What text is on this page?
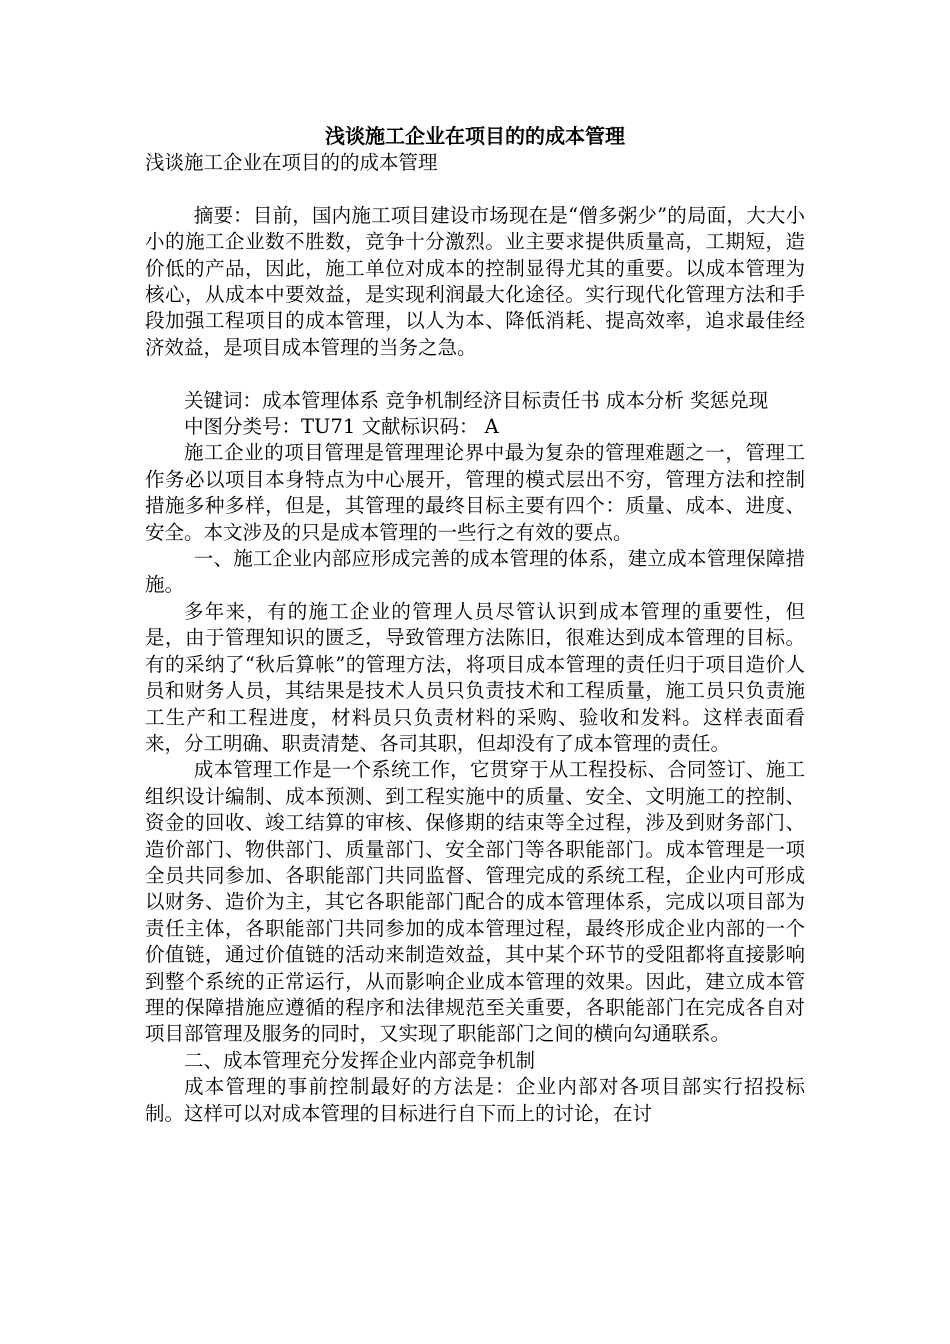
浅谈施工企业在项目的的成本管理

浅谈施工企业在项目的的成本管理

摘要：目前，国内施工项目建设市场现在是“僧多粥少”的局面，大大小小的施工企业数不胜数，竞争十分激烈。业主要求提供质量高，工期短，造价低的产品，因此，施工单位对成本的控制显得尤其的重要。以成本管理为核心，从成本中要效益，是实现利润最大化途径。实行现代化管理方法和手段加强工程项目的成本管理，以人为本、降低消耗、提高效率，追求最佳经济效益，是项目成本管理的当务之急。

关键词：成本管理体系 竞争机制经济目标责任书 成本分析 奖惩兑现

中图分类号：TU71 文献标识码： A

施工企业的项目管理是管理理论界中最为复杂的管理难题之一，管理工作务必以项目本身特点为中心展开，管理的模式层出不穷，管理方法和控制措施多种多样，但是，其管理的最终目标主要有四个：质量、成本、进度、安全。本文涉及的只是成本管理的一些行之有效的要点。

一、施工企业内部应形成完善的成本管理的体系，建立成本管理保障措施。

多年来，有的施工企业的管理人员尽管认识到成本管理的重要性，但是，由于管理知识的匮乏，导致管理方法陈旧，很难达到成本管理的目标。有的采纳了“秋后算帐”的管理方法，将项目成本管理的责任归于项目造价人员和财务人员，其结果是技术人员只负责技术和工程质量，施工员只负责施工生产和工程进度，材料员只负责材料的采购、验收和发料。这样表面看来，分工明确、职责清楚、各司其职，但却没有了成本管理的责任。

成本管理工作是一个系统工作，它贯穿于从工程投标、合同签订、施工组织设计编制、成本预测、到工程实施中的质量、安全、文明施工的控制、资金的回收、竣工结算的审核、保修期的结束等全过程，涉及到财务部门、造价部门、物供部门、质量部门、安全部门等各职能部门。成本管理是一项全员共同参加、各职能部门共同监督、管理完成的系统工程，企业内可形成以财务、造价为主，其它各职能部门配合的成本管理体系，完成以项目部为责任主体，各职能部门共同参加的成本管理过程，最终形成企业内部的一个价值链，通过价值链的活动来制造效益，其中某个环节的受阻都将直接影响到整个系统的正常运行，从而影响企业成本管理的效果。因此，建立成本管理的保障措施应遵循的程序和法律规范至关重要，各职能部门在完成各自对项目部管理及服务的同时，又实现了职能部门之间的横向勾通联系。

二、成本管理充分发挥企业内部竞争机制

成本管理的事前控制最好的方法是：企业内部对各项目部实行招投标制。这样可以对成本管理的目标进行自下而上的讨论，在讨
